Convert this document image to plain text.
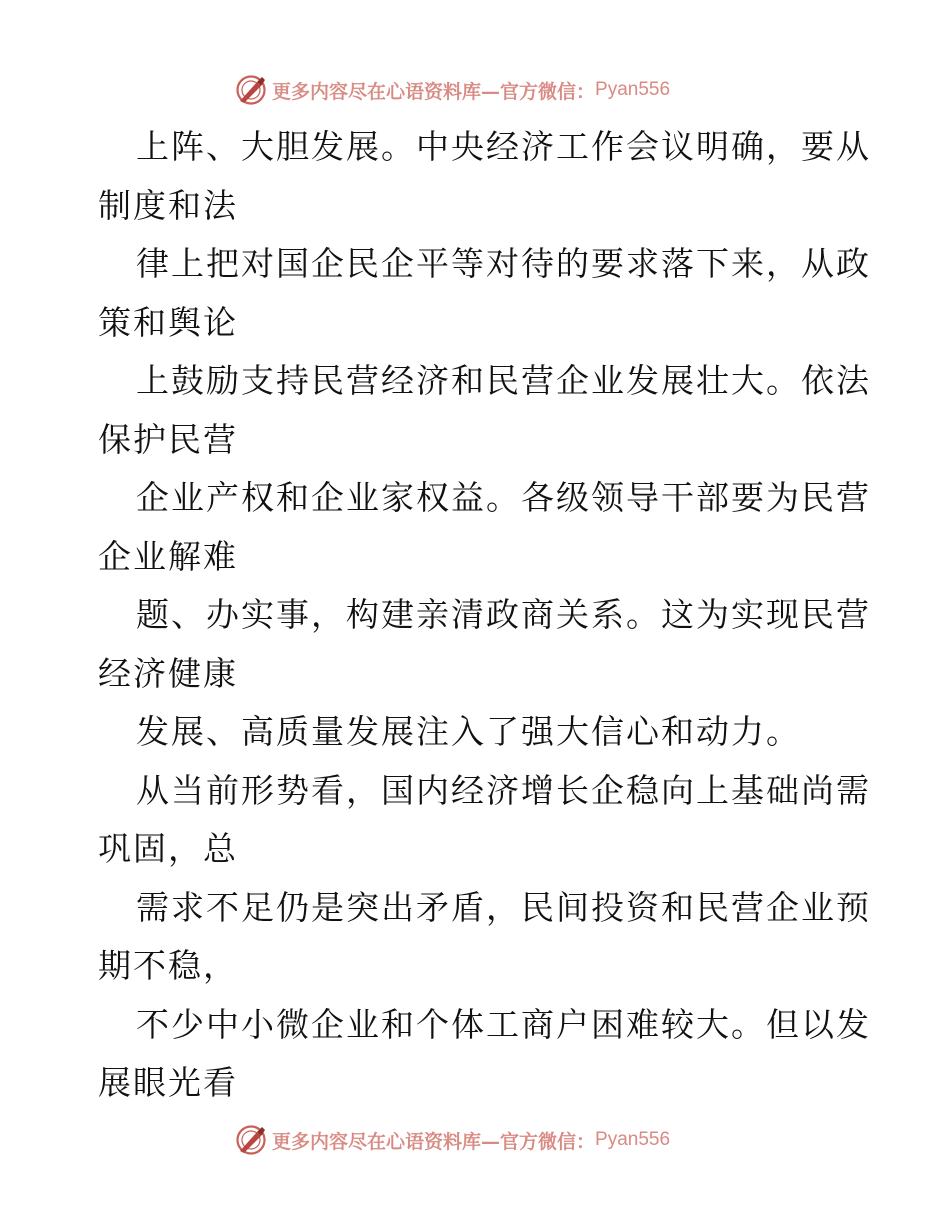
更多内容尽在心语资料库—官方微信： Pyan556
上阵、大胆发展。中央经济工作会议明确，要从
制度和法
律上把对国企民企平等对待的要求落下来，从政
策和舆论
上鼓励支持民营经济和民营企业发展壮大。依法
保护民营
企业产权和企业家权益。各级领导干部要为民营
企业解难
题、办实事，构建亲清政商关系。这为实现民营
经济健康
发展、高质量发展注入了强大信心和动力。
从当前形势看，国内经济增长企稳向上基础尚需
巩固，总
需求不足仍是突出矛盾，民间投资和民营企业预
期不稳，
不少中小微企业和个体工商户困难较大。但以发
展眼光看
更多内容尽在心语资料库—官方微信： Pyan556
